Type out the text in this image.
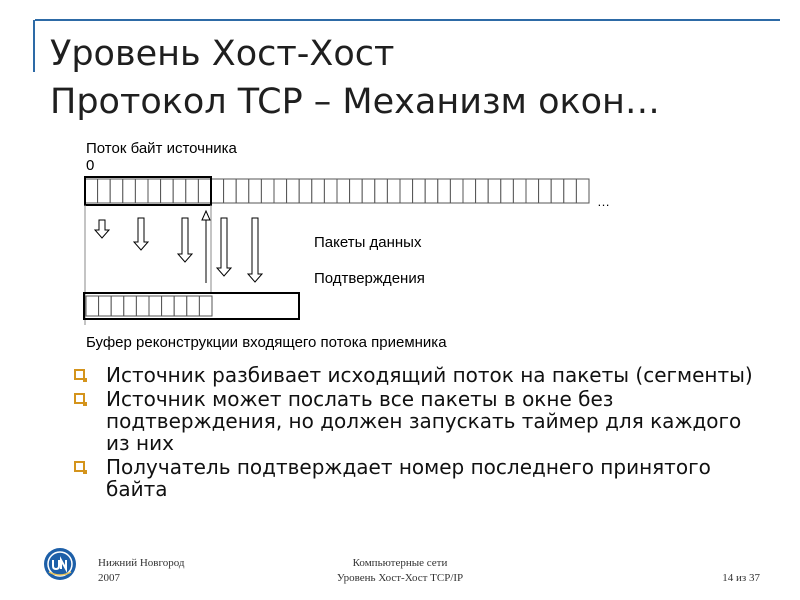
Уровень Хост-Хост
Протокол TCP – Механизм окон…
Поток байт источника
0
…
Пакеты данных
Подтверждения
Буфер реконструкции входящего потока приемника
Источник разбивает исходящий поток на пакеты (сегменты)
Источник может послать все пакеты в окне без подтверждения, но должен запускать таймер для каждого из них
Получатель подтверждает номер последнего принятого байта
Нижний Новгород
2007
Компьютерные сети
Уровень Хост-Хост TCP/IP	14 из 37
